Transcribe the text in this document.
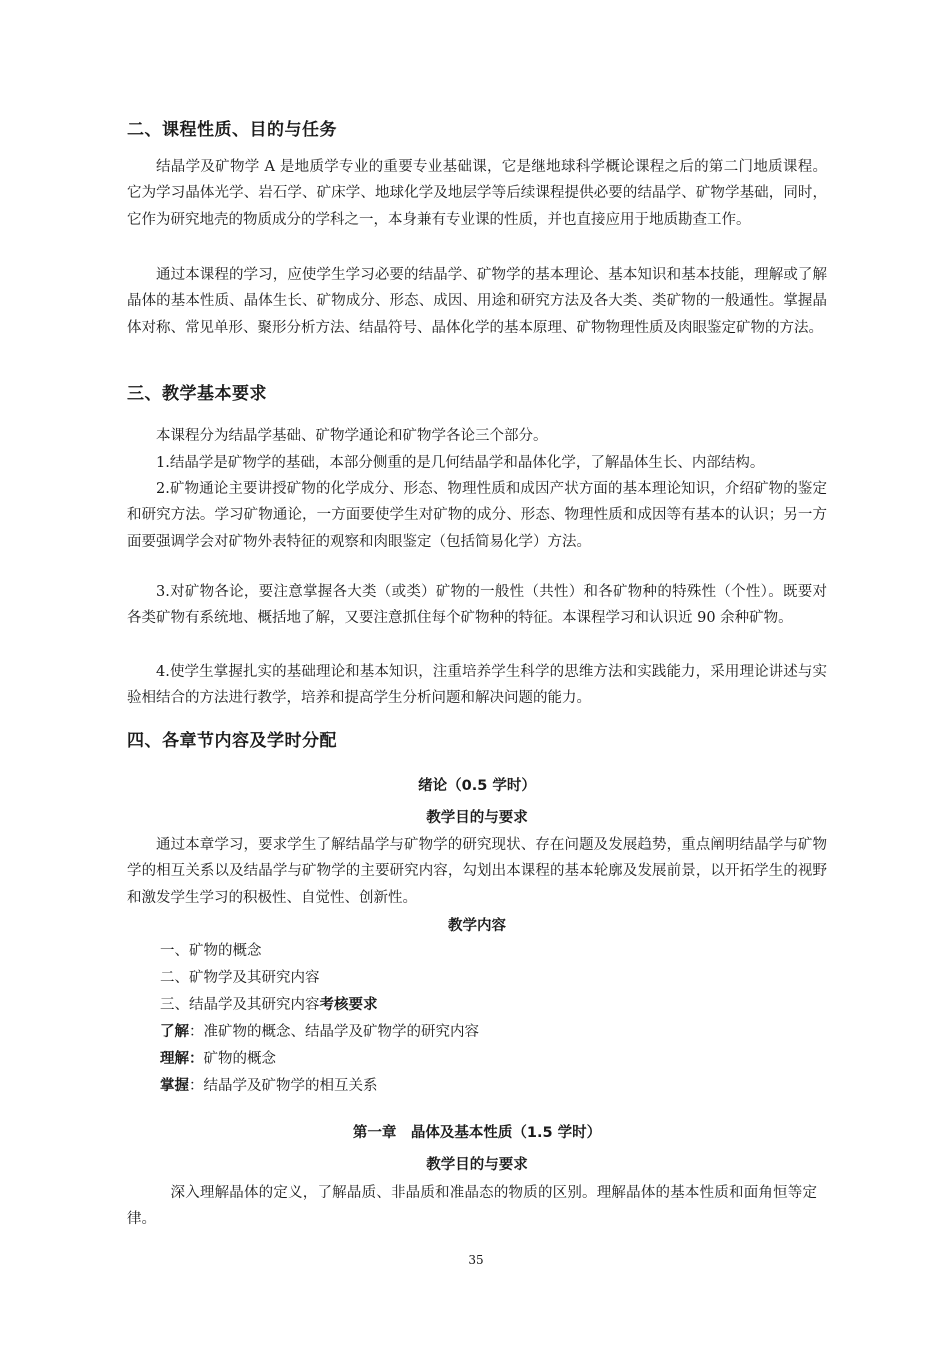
二、课程性质、目的与任务

结晶学及矿物学 A 是地质学专业的重要专业基础课，它是继地球科学概论课程之后的第二门地质课程。它为学习晶体光学、岩石学、矿床学、地球化学及地层学等后续课程提供必要的结晶学、矿物学基础，同时，它作为研究地壳的物质成分的学科之一，本身兼有专业课的性质，并也直接应用于地质勘查工作。

通过本课程的学习，应使学生学习必要的结晶学、矿物学的基本理论、基本知识和基本技能，理解或了解晶体的基本性质、晶体生长、矿物成分、形态、成因、用途和研究方法及各大类、类矿物的一般通性。掌握晶体对称、常见单形、聚形分析方法、结晶符号、晶体化学的基本原理、矿物物理性质及肉眼鉴定矿物的方法。

三、教学基本要求

本课程分为结晶学基础、矿物学通论和矿物学各论三个部分。

1.结晶学是矿物学的基础，本部分侧重的是几何结晶学和晶体化学，了解晶体生长、内部结构。

2.矿物通论主要讲授矿物的化学成分、形态、物理性质和成因产状方面的基本理论知识，介绍矿物的鉴定和研究方法。学习矿物通论，一方面要使学生对矿物的成分、形态、物理性质和成因等有基本的认识；另一方面要强调学会对矿物外表特征的观察和肉眼鉴定（包括简易化学）方法。

3.对矿物各论，要注意掌握各大类（或类）矿物的一般性（共性）和各矿物种的特殊性（个性）。既要对各类矿物有系统地、概括地了解，又要注意抓住每个矿物种的特征。本课程学习和认识近 90 余种矿物。

4.使学生掌握扎实的基础理论和基本知识，注重培养学生科学的思维方法和实践能力，采用理论讲述与实验相结合的方法进行教学，培养和提高学生分析问题和解决问题的能力。

四、各章节内容及学时分配
绪论（0.5 学时）
教学目的与要求

通过本章学习，要求学生了解结晶学与矿物学的研究现状、存在问题及发展趋势，重点阐明结晶学与矿物学的相互关系以及结晶学与矿物学的主要研究内容，勾划出本课程的基本轮廓及发展前景，以开拓学生的视野和激发学生学习的积极性、自觉性、创新性。

教学内容
一、矿物的概念
二、矿物学及其研究内容
三、结晶学及其研究内容考核要求
了解：准矿物的概念、结晶学及矿物学的研究内容
理解：矿物的概念
掌握：结晶学及矿物学的相互关系
第一章　晶体及基本性质（1.5 学时）
教学目的与要求

深入理解晶体的定义，了解晶质、非晶质和准晶态的物质的区别。理解晶体的基本性质和面角恒等定律。

35
